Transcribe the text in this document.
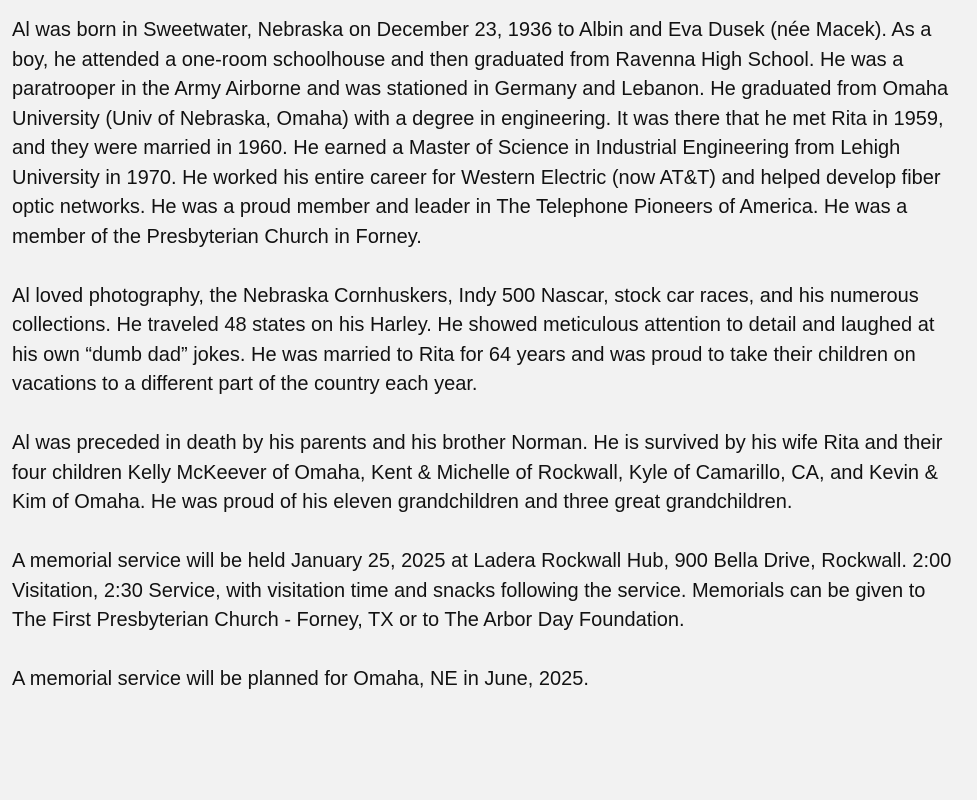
Al was born in Sweetwater, Nebraska on December 23, 1936 to Albin and Eva Dusek (née Macek). As a boy, he attended a one-room schoolhouse and then graduated from Ravenna High School. He was a paratrooper in the Army Airborne and was stationed in Germany and Lebanon. He graduated from Omaha University (Univ of Nebraska, Omaha) with a degree in engineering. It was there that he met Rita in 1959, and they were married in 1960. He earned a Master of Science in Industrial Engineering from Lehigh University in 1970. He worked his entire career for Western Electric (now AT&T) and helped develop fiber optic networks. He was a proud member and leader in The Telephone Pioneers of America. He was a member of the Presbyterian Church in Forney.

Al loved photography, the Nebraska Cornhuskers, Indy 500 Nascar, stock car races, and his numerous collections. He traveled 48 states on his Harley. He showed meticulous attention to detail and laughed at his own “dumb dad” jokes. He was married to Rita for 64 years and was proud to take their children on vacations to a different part of the country each year.

Al was preceded in death by his parents and his brother Norman. He is survived by his wife Rita and their four children Kelly McKeever of Omaha, Kent & Michelle of Rockwall, Kyle of Camarillo, CA, and Kevin & Kim of Omaha. He was proud of his eleven grandchildren and three great grandchildren.

A memorial service will be held January 25, 2025 at Ladera Rockwall Hub, 900 Bella Drive, Rockwall. 2:00 Visitation, 2:30 Service, with visitation time and snacks following the service. Memorials can be given to The First Presbyterian Church - Forney, TX or to The Arbor Day Foundation.

A memorial service will be planned for Omaha, NE in June, 2025.
